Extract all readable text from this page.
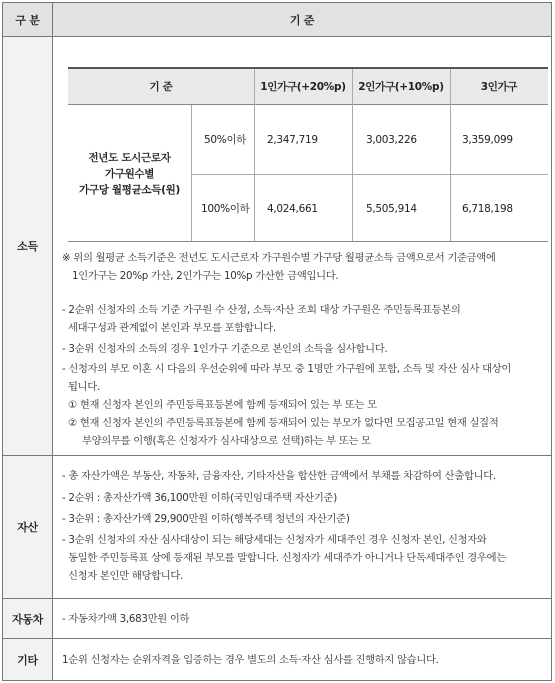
구 분	기 준
소득
기 준	1인가구(+20%p)	2인가구(+10%p)	3인가구
전년도 도시근로자
가구원수별
가구당 월평균소득(원)
50%이하 2,347,719	3,003,226	3,359,099
100%이하 4,024,661	5,505,914	6,718,198
※ 위의 월평균 소득기준은 전년도 도시근로자 가구원수별 가구당 월평균소득 금액으로서 기준금액에
1인가구는 20%p 가산, 2인가구는 10%p 가산한 금액입니다.
- 2순위 신청자의 소득 기준 가구원 수 산정, 소득·자산 조회 대상 가구원은 주민등록표등본의
세대구성과 관계없이 본인과 부모를 포함합니다.
- 3순위 신청자의 소득의 경우 1인가구 기준으로 본인의 소득을 심사합니다.
- 신청자의 부모 이혼 시 다음의 우선순위에 따라 부모 중 1명만 가구원에 포함, 소득 및 자산 심사 대상이
됩니다.
① 현재 신청자 본인의 주민등록표등본에 함께 등재되어 있는 부 또는 모
② 현재 신청자 본인의 주민등록표등본에 함께 등재되어 있는 부모가 없다면 모집공고일 현재 실질적
부양의무를 이행(혹은 신청자가 심사대상으로 선택)하는 부 또는 모
자산
- 총 자산가액은 부동산, 자동차, 금융자산, 기타자산을 합산한 금액에서 부채를 차감하여 산출합니다.
- 2순위 : 총자산가액 36,100만원 이하(국민임대주택 자산기준)
- 3순위 : 총자산가액 29,900만원 이하(행복주택 청년의 자산기준)
- 3순위 신청자의 자산 심사대상이 되는 해당세대는 신청자가 세대주인 경우 신청자 본인, 신청자와
동일한 주민등록표 상에 등재된 부모를 말합니다. 신청자가 세대주가 아니거나 단독세대주인 경우에는
신청자 본인만 해당합니다.
자동차	- 자동차가액 3,683만원 이하
기타	1순위 신청자는 순위자격을 입증하는 경우 별도의 소득·자산 심사를 진행하지 않습니다.
